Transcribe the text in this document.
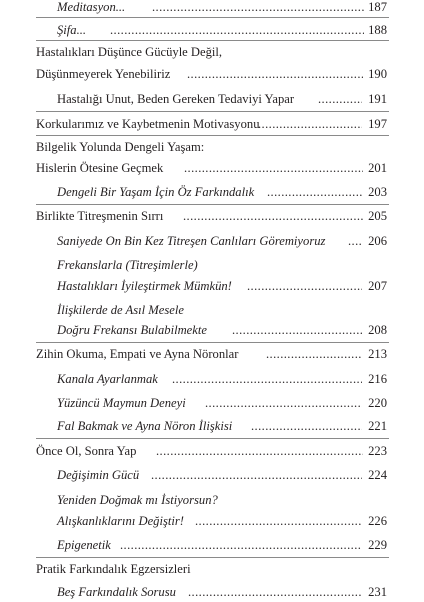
Meditasyon... .....	187
Şifa... .....	188
Hastalıkları Düşünce Gücüyle Değil,
Düşünmeyerek Yenebiliriz .....	190
Hastalığı Unut, Beden Gereken Tedaviyi Yapar .....	191
Korkularımız ve Kaybetmenin Motivasyonu .....	197
Bilgelik Yolunda Dengeli Yaşam:
Hislerin Ötesine Geçmek .....	201
Dengeli Bir Yaşam İçin Öz Farkındalık .....	203
Birlikte Titreşmenin Sırrı .....	205
Saniyede On Bin Kez Titreşen Canlıları Göremiyoruz .....	206
Frekanslarla (Titreşimlerle)
Hastalıkları İyileştirmek Mümkün! .....	207
İlişkilerde de Asıl Mesele
Doğru Frekansı Bulabilmekte .....	208
Zihin Okuma, Empati ve Ayna Nöronlar .....	213
Kanala Ayarlanmak .....	216
Yüzüncü Maymun Deneyi .....	220
Fal Bakmak ve Ayna Nöron İlişkisi .....	221
Önce Ol, Sonra Yap .....	223
Değişimin Gücü .....	224
Yeniden Doğmak mı İstiyorsun?
Alışkanlıklarını Değiştir! .....	226
Epigenetik .....	229
Pratik Farkındalık Egzersizleri
Beş Farkındalık Sorusu .....	231
